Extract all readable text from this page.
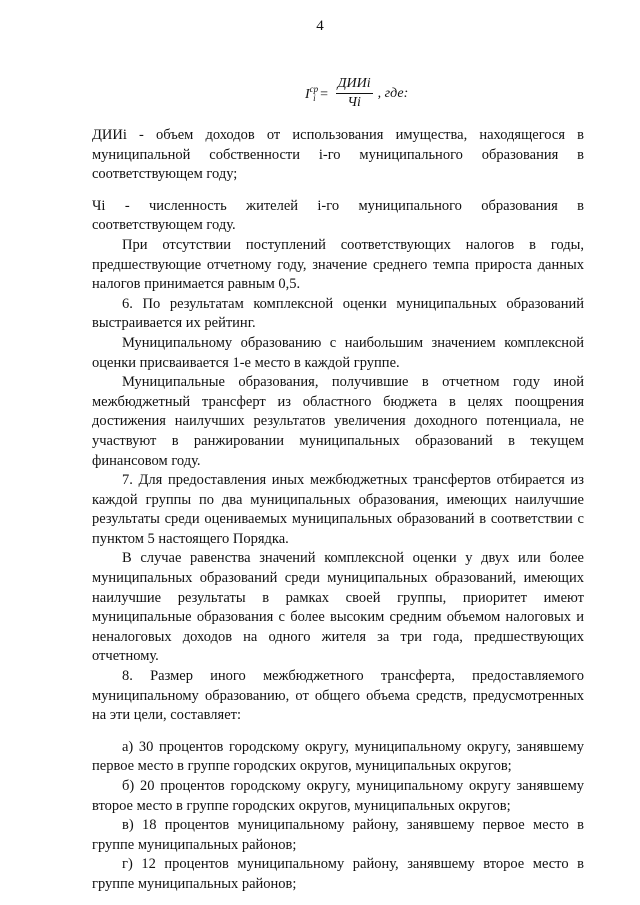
4
$I^{ср}_i = \frac{\text{ДИИi}}{Чi}$ , где:

ДИИi - объем доходов от использования имущества, находящегося в муниципальной собственности i-го муниципального образования в соответствующем году;

Чi - численность жителей i-го муниципального образования в соответствующем году.

При отсутствии поступлений соответствующих налогов в годы, предшествующие отчетному году, значение среднего темпа прироста данных налогов принимается равным 0,5.

6. По результатам комплексной оценки муниципальных образований выстраивается их рейтинг.

Муниципальному образованию с наибольшим значением комплексной оценки присваивается 1-е место в каждой группе.

Муниципальные образования, получившие в отчетном году иной межбюджетный трансферт из областного бюджета в целях поощрения достижения наилучших результатов увеличения доходного потенциала, не участвуют в ранжировании муниципальных образований в текущем финансовом году.

7. Для предоставления иных межбюджетных трансфертов отбирается из каждой группы по два муниципальных образования, имеющих наилучшие результаты среди оцениваемых муниципальных образований в соответствии с пунктом 5 настоящего Порядка.

В случае равенства значений комплексной оценки у двух или более муниципальных образований среди муниципальных образований, имеющих наилучшие результаты в рамках своей группы, приоритет имеют муниципальные образования с более высоким средним объемом налоговых и неналоговых доходов на одного жителя за три года, предшествующих отчетному.

8. Размер иного межбюджетного трансферта, предоставляемого муниципальному образованию, от общего объема средств, предусмотренных на эти цели, составляет:

а) 30 процентов городскому округу, муниципальному округу, занявшему первое место в группе городских округов, муниципальных округов;

б) 20 процентов городскому округу, муниципальному округу занявшему второе место в группе городских округов, муниципальных округов;

в) 18 процентов муниципальному району, занявшему первое место в группе муниципальных районов;

г) 12 процентов муниципальному району, занявшему второе место в группе муниципальных районов;
